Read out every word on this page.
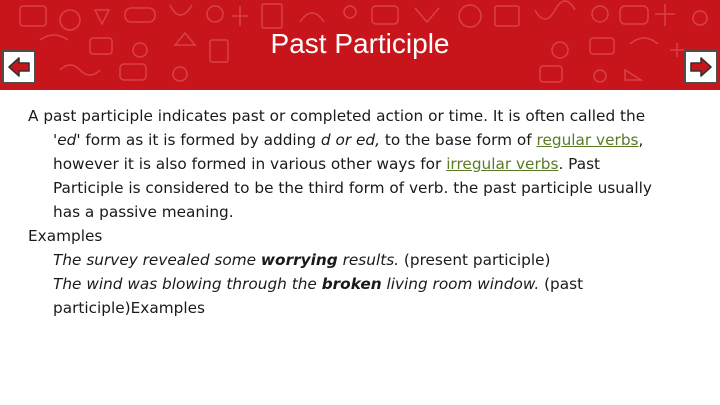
Past Participle

A past participle indicates past or completed action or time. It is often called the 'ed' form as it is formed by adding d or ed, to the base form of regular verbs, however it is also formed in various other ways for irregular verbs. Past Participle is considered to be the third form of verb. the past participle usually has a passive meaning.

Examples

The survey revealed some worrying results. (present participle)

The wind was blowing through the broken living room window. (past participle)Examples
